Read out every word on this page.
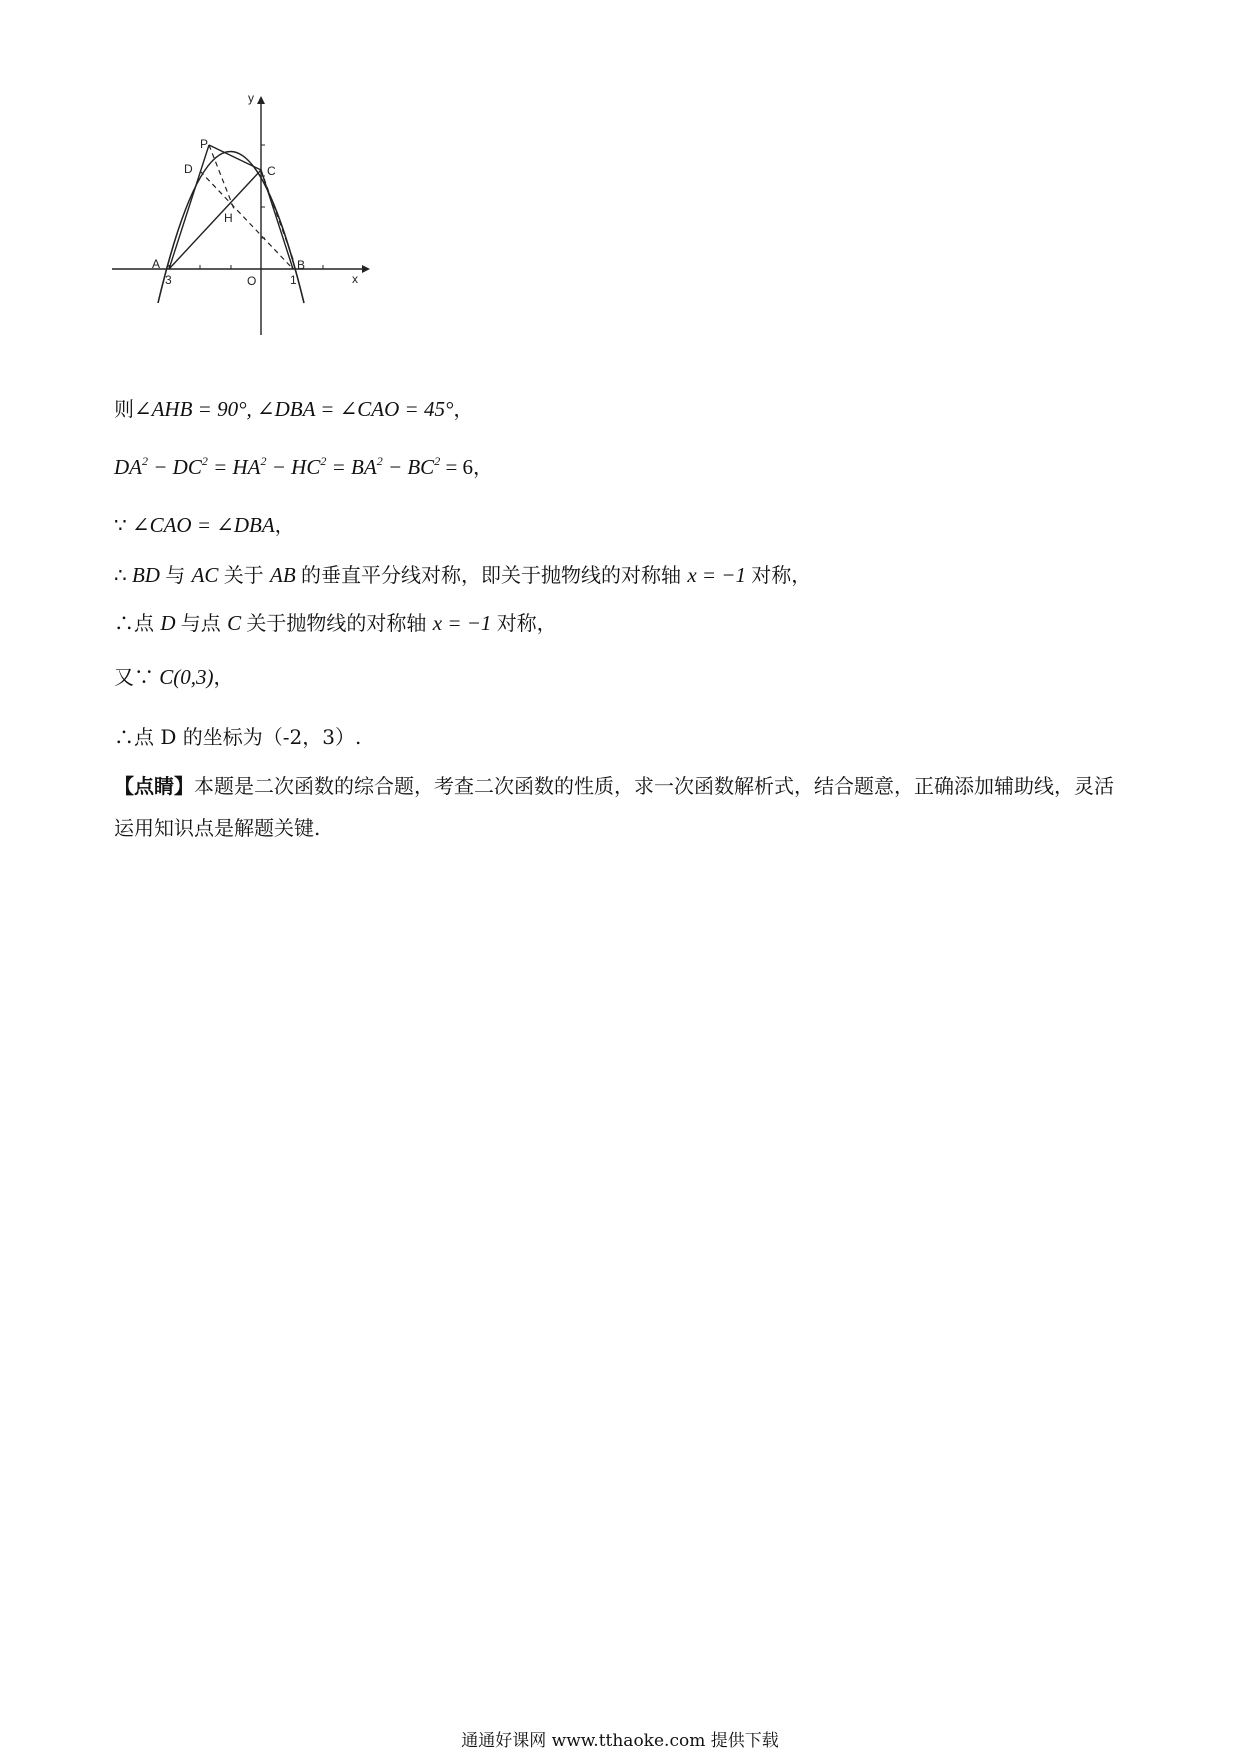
y
x
P
D	C
H
A	B
O
3	1
则∠AHB = 90°, ∠DBA = ∠CAO = 45°，
$DA^2 - DC^2 = HA^2 - HC^2 = BA^2 - BC^2 = 6$，
∵ ∠CAO = ∠DBA，
∴ BD 与 AC 关于 AB 的垂直平分线对称，即关于抛物线的对称轴 x = −1 对称，
∴点 D 与点 C 关于抛物线的对称轴 x = −1 对称，
又∵ C(0,3)，
∴点 D 的坐标为（-2，3）.
【点睛】本题是二次函数的综合题，考查二次函数的性质，求一次函数解析式，结合题意，正确添加辅助线，灵活运用知识点是解题关键.
通通好课网 www.tthaoke.com 提供下载
